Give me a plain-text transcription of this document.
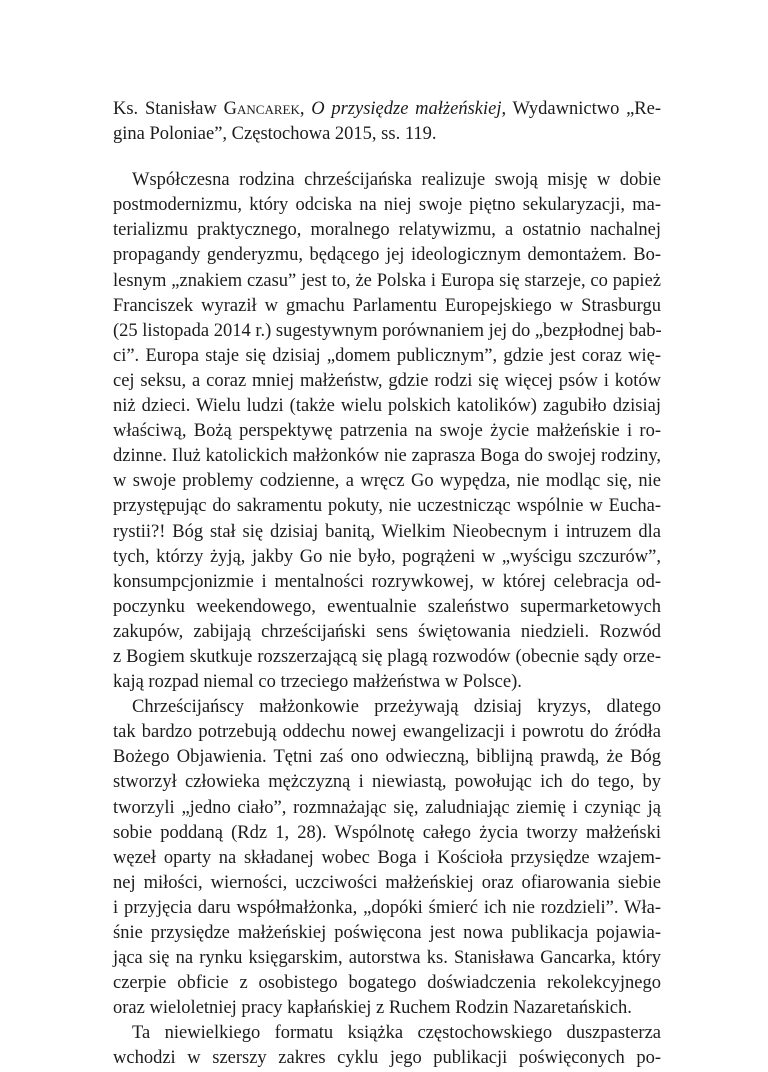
Ks. Stanisław Gancarek, O przysiędze małżeńskiej, Wydawnictwo „Re-
gina Poloniae”, Częstochowa 2015, ss. 119.
Współczesna rodzina chrześcijańska realizuje swoją misję w dobie
postmodernizmu, który odciska na niej swoje piętno sekularyzacji, ma-
terializmu praktycznego, moralnego relatywizmu, a ostatnio nachalnej
propagandy genderyzmu, będącego jej ideologicznym demontażem. Bo-
lesnym „znakiem czasu” jest to, że Polska i Europa się starzeje, co papież
Franciszek wyraził w gmachu Parlamentu Europejskiego w Strasburgu
(25 listopada 2014 r.) sugestywnym porównaniem jej do „bezpłodnej bab-
ci”. Europa staje się dzisiaj „domem publicznym”, gdzie jest coraz wię-
cej seksu, a coraz mniej małżeństw, gdzie rodzi się więcej psów i kotów
niż dzieci. Wielu ludzi (także wielu polskich katolików) zagubiło dzisiaj
właściwą, Bożą perspektywę patrzenia na swoje życie małżeńskie i ro-
dzinne. Iluż katolickich małżonków nie zaprasza Boga do swojej rodziny,
w swoje problemy codzienne, a wręcz Go wypędza, nie modląc się, nie
przystępując do sakramentu pokuty, nie uczestnicząc wspólnie w Eucha-
rystii?! Bóg stał się dzisiaj banitą, Wielkim Nieobecnym i intruzem dla
tych, którzy żyją, jakby Go nie było, pogrążeni w „wyścigu szczurów”,
konsumpcjonizmie i mentalności rozrywkowej, w której celebracja od-
poczynku weekendowego, ewentualnie szaleństwo supermarketowych
zakupów, zabijają chrześcijański sens świętowania niedzieli. Rozwód
z Bogiem skutkuje rozszerzającą się plagą rozwodów (obecnie sądy orze-
kają rozpad niemal co trzeciego małżeństwa w Polsce).
Chrześcijańscy małżonkowie przeżywają dzisiaj kryzys, dlatego
tak bardzo potrzebują oddechu nowej ewangelizacji i powrotu do źródła
Bożego Objawienia. Tętni zaś ono odwieczną, biblijną prawdą, że Bóg
stworzył człowieka mężczyzną i niewiastą, powołując ich do tego, by
tworzyli „jedno ciało”, rozmnażając się, zaludniając ziemię i czyniąc ją
sobie poddaną (Rdz 1, 28). Wspólnotę całego życia tworzy małżeński
węzeł oparty na składanej wobec Boga i Kościoła przysiędze wzajem-
nej miłości, wierności, uczciwości małżeńskiej oraz ofiarowania siebie
i przyjęcia daru współmałżonka, „dopóki śmierć ich nie rozdzieli”. Wła-
śnie przysiędze małżeńskiej poświęcona jest nowa publikacja pojawia-
jąca się na rynku księgarskim, autorstwa ks. Stanisława Gancarka, który
czerpie obficie z osobistego bogatego doświadczenia rekolekcyjnego
oraz wieloletniej pracy kapłańskiej z Ruchem Rodzin Nazaretańskich.
Ta niewielkiego formatu książka częstochowskiego duszpasterza
wchodzi w szerszy zakres cyklu jego publikacji poświęconych po-
